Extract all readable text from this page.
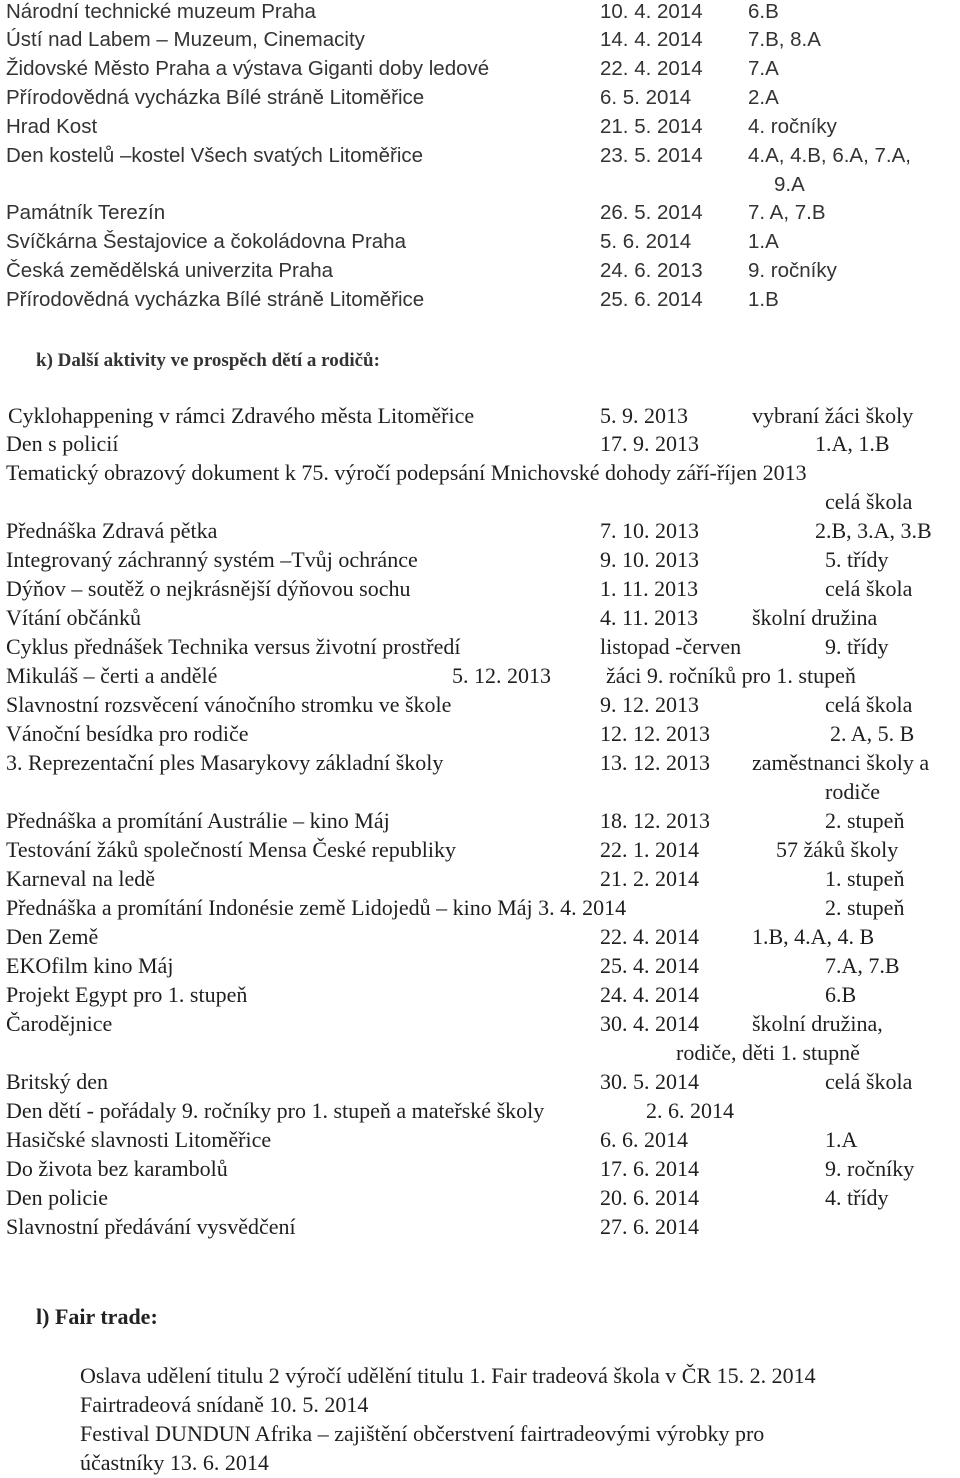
Národní technické muzeum Praha	10. 4. 2014 6.B
Ústí nad Labem – Muzeum, Cinemacity	14. 4. 2014 7.B, 8.A
Židovské Město Praha a výstava Giganti doby ledové	22. 4. 2014 7.A
Přírodovědná vycházka Bílé stráně Litoměřice	6. 5. 2014	2.A
Hrad Kost	21. 5. 2014 4. ročníky
Den kostelů –kostel Všech svatých Litoměřice	23. 5. 2014 4.A, 4.B, 6.A, 7.A,
9.A
Památník Terezín	26. 5. 2014 7. A, 7.B
Svíčkárna Šestajovice a čokoládovna Praha	5. 6. 2014	1.A
Česká zemědělská univerzita Praha	24. 6. 2013 9. ročníky
Přírodovědná vycházka Bílé stráně Litoměřice	25. 6. 2014 1.B
k) Další aktivity ve prospěch dětí a rodičů:
Cyklohappening v rámci Zdravého města Litoměřice	5. 9. 2013	vybraní žáci školy
Den s policií	17. 9. 2013	1.A, 1.B
Tematický obrazový dokument k 75. výročí podepsání Mnichovské dohody září-říjen 2013
celá škola
Přednáška Zdravá pětka	7. 10. 2013	2.B, 3.A, 3.B
Integrovaný záchranný systém –Tvůj ochránce	9. 10. 2013	5. třídy
Dýňov – soutěž o nejkrásnější dýňovou sochu	1. 11. 2013	celá škola
Vítání občánků	4. 11. 2013 školní družina
Cyklus přednášek Technika versus životní prostředí	listopad -červen	9. třídy
Mikuláš – čerti a andělé	5. 12. 2013	žáci 9. ročníků pro 1. stupeň
Slavnostní rozsvěcení vánočního stromku ve škole	9. 12. 2013	celá škola
Vánoční besídka pro rodiče	12. 12. 2013	2. A, 5. B
3. Reprezentační ples Masarykovy základní školy	13. 12. 2013 zaměstnanci školy a
rodiče
Přednáška a promítání Austrálie – kino Máj	18. 12. 2013	2. stupeň
Testování žáků společností Mensa České republiky	22. 1. 2014	57 žáků školy
Karneval na ledě	21. 2. 2014	1. stupeň
Přednáška a promítání Indonésie země Lidojedů – kino Máj 3. 4. 2014	2. stupeň
Den Země	22. 4. 2014 1.B, 4.A, 4. B
EKOfilm kino Máj	25. 4. 2014	7.A, 7.B
Projekt Egypt pro 1. stupeň	24. 4. 2014	6.B
Čarodějnice	30. 4. 2014 školní družina,
rodiče, děti 1. stupně
Britský den	30. 5. 2014	celá škola
Den dětí - pořádaly 9. ročníky pro 1. stupeň a mateřské školy	2. 6. 2014
Hasičské slavnosti Litoměřice	6. 6. 2014	1.A
Do života bez karambolů	17. 6. 2014	9. ročníky
Den policie	20. 6. 2014	4. třídy
Slavnostní předávání vysvědčení	27. 6. 2014
l) Fair trade:
Oslava udělení titulu 2 výročí udělění titulu 1. Fair tradeová škola v ČR 15. 2. 2014
Fairtradeová snídaně 10. 5. 2014
Festival DUNDUN Afrika – zajištění občerstvení fairtradeovými výrobky pro
účastníky 13. 6. 2014
